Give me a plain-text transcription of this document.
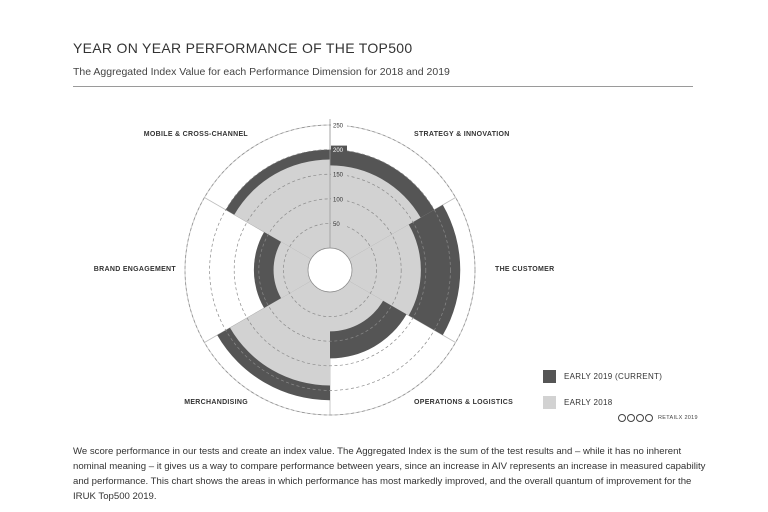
YEAR ON YEAR PERFORMANCE OF THE TOP500

The Aggregated Index Value for each Performance Dimension for 2018 and 2019

50
100
150
200
250
STRATEGY & INNOVATION
THE CUSTOMER
OPERATIONS & LOGISTICS
MERCHANDISING
BRAND ENGAGEMENT
MOBILE & CROSS-CHANNEL
EARLY 2019 (CURRENT)
EARLY 2018
RETAILX 2019

We score performance in our tests and create an index value. The Aggregated Index is the sum of the test results and – while it has no inherent nominal meaning – it gives us a way to compare performance between years, since an increase in AIV represents an increase in measured capability and performance. This chart shows the areas in which performance has most markedly improved, and the overall quantum of improvement for the IRUK Top500 2019.
